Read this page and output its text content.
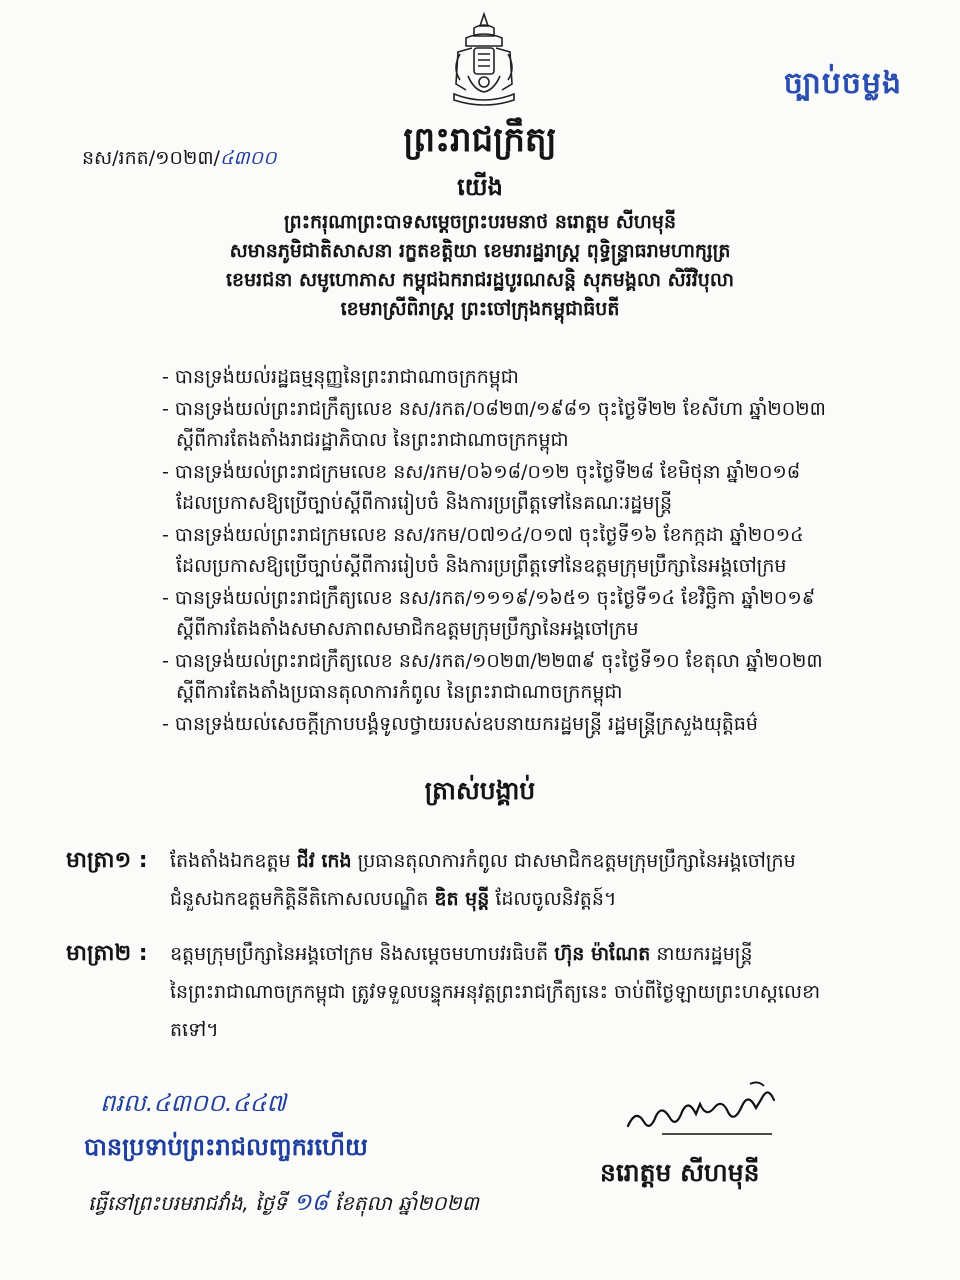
ច្បាប់ចម្លង
នស/រកត/១០២៣/៤៣០០	ព្រះរាជក្រឹត្យ
យើង
ព្រះករុណាព្រះបាទសម្តេចព្រះបរមនាថ នរោត្តម សីហមុនី
សមានភូមិជាតិសាសនា រក្ខតខត្តិយា ខេមរារដ្ឋរាស្ត្រ ពុទ្ធិន្ទ្រាធរាមហាក្សត្រ
ខេមរជនា សមូហោភាស កម្ពុជឯករាជរដ្ឋបូរណសន្តិ សុភមង្គលា សិរីវិបុលា
ខេមរាស្រីពិរាស្ត្រ ព្រះចៅក្រុងកម្ពុជាធិបតី
- បានទ្រង់យល់រដ្ឋធម្មនុញ្ញនៃព្រះរាជាណាចក្រកម្ពុជា
- បានទ្រង់យល់ព្រះរាជក្រឹត្យលេខ នស/រកត/០៨២៣/១៩៨១ ចុះថ្ងៃទី២២ ខែសីហា ឆ្នាំ២០២៣
ស្តីពីការតែងតាំងរាជរដ្ឋាភិបាល នៃព្រះរាជាណាចក្រកម្ពុជា
- បានទ្រង់យល់ព្រះរាជក្រមលេខ នស/រកម/០៦១៨/០១២ ចុះថ្ងៃទី២៨ ខែមិថុនា ឆ្នាំ២០១៨
ដែលប្រកាសឱ្យប្រើច្បាប់ស្តីពីការរៀបចំ និងការប្រព្រឹត្តទៅនៃគណៈរដ្ឋមន្ត្រី
- បានទ្រង់យល់ព្រះរាជក្រមលេខ នស/រកម/០៧១៤/០១៧ ចុះថ្ងៃទី១៦ ខែកក្កដា ឆ្នាំ២០១៤
ដែលប្រកាសឱ្យប្រើច្បាប់ស្តីពីការរៀបចំ និងការប្រព្រឹត្តទៅនៃឧត្តមក្រុមប្រឹក្សានៃអង្គចៅក្រម
- បានទ្រង់យល់ព្រះរាជក្រឹត្យលេខ នស/រកត/១១១៩/១៦៥១ ចុះថ្ងៃទី១៤ ខែវិច្ឆិកា ឆ្នាំ២០១៩
ស្តីពីការតែងតាំងសមាសភាពសមាជិកឧត្តមក្រុមប្រឹក្សានៃអង្គចៅក្រម
- បានទ្រង់យល់ព្រះរាជក្រឹត្យលេខ នស/រកត/១០២៣/២២៣៩ ចុះថ្ងៃទី១០ ខែតុលា ឆ្នាំ២០២៣
ស្តីពីការតែងតាំងប្រធានតុលាការកំពូល នៃព្រះរាជាណាចក្រកម្ពុជា
- បានទ្រង់យល់សេចក្តីក្រាបបង្គំទូលថ្វាយរបស់ឧបនាយករដ្ឋមន្ត្រី រដ្ឋមន្ត្រីក្រសួងយុត្តិធម៌
ត្រាស់បង្គាប់
មាត្រា១ : តែងតាំងឯកឧត្តម ជីវ កេង ប្រធានតុលាការកំពូល ជាសមាជិកឧត្តមក្រុមប្រឹក្សានៃអង្គចៅក្រម
ជំនួសឯកឧត្តមកិត្តិនីតិកោសលបណ្ឌិត ឌិត មុន្តី ដែលចូលនិវត្តន៍។
មាត្រា២ : ឧត្តមក្រុមប្រឹក្សានៃអង្គចៅក្រម និងសម្តេចមហាបវរធិបតី ហ៊ុន ម៉ាណែត នាយករដ្ឋមន្ត្រី
នៃព្រះរាជាណាចក្រកម្ពុជា ត្រូវទទួលបន្ទុកអនុវត្តព្រះរាជក្រឹត្យនេះ ចាប់ពីថ្ងៃឡាយព្រះហស្តលេខា
តទៅ។
ពរល.៤៣០០.៤៤៧
បានប្រទាប់ព្រះរាជលញ្ចករហើយ
ធ្វើនៅព្រះបរមរាជវាំង, ថ្ងៃទី ១៨ ខែតុលា ឆ្នាំ២០២៣
នរោត្តម សីហមុនី
